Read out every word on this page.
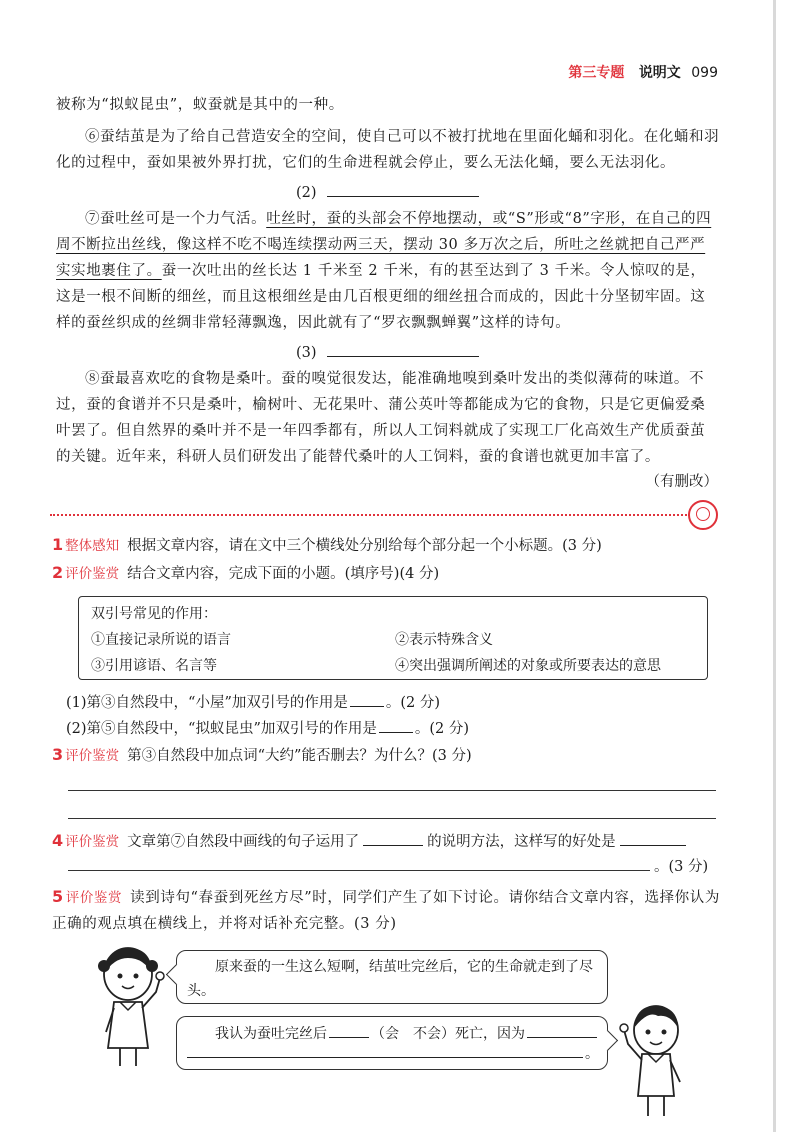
第三专题 说明文 099
被称为“拟蚁昆虫”，蚁蚕就是其中的一种。
⑥蚕结茧是为了给自己营造安全的空间，使自己可以不被打扰地在里面化蛹和羽化。在化蛹和羽化的过程中，蚕如果被外界打扰，它们的生命进程就会停止，要么无法化蛹，要么无法羽化。
(2)
⑦蚕吐丝可是一个力气活。吐丝时，蚕的头部会不停地摆动，或“S”形或“8”字形，在自己的四周不断拉出丝线，像这样不吃不喝连续摆动两三天，摆动 30 多万次之后，所吐之丝就把自己严严实实地裹住了。蚕一次吐出的丝长达 1 千米至 2 千米，有的甚至达到了 3 千米。令人惊叹的是，这是一根不间断的细丝，而且这根细丝是由几百根更细的细丝扭合而成的，因此十分坚韧牢固。这样的蚕丝织成的丝绸非常轻薄飘逸，因此就有了“罗衣飘飘蝉翼”这样的诗句。
(3)
⑧蚕最喜欢吃的食物是桑叶。蚕的嗅觉很发达，能准确地嗅到桑叶发出的类似薄荷的味道。不过，蚕的食谱并不只是桑叶，榆树叶、无花果叶、蒲公英叶等都能成为它的食物，只是它更偏爱桑叶罢了。但自然界的桑叶并不是一年四季都有，所以人工饲料就成了实现工厂化高效生产优质蚕茧的关键。近年来，科研人员们研发出了能替代桑叶的人工饲料，蚕的食谱也就更加丰富了。
（有删改）
1 整体感知 根据文章内容，请在文中三个横线处分别给每个部分起一个小标题。(3 分)
2 评价鉴赏 结合文章内容，完成下面的小题。(填序号)(4 分)
双引号常见的作用：
①直接记录所说的语言	②表示特殊含义
③引用谚语、名言等	④突出强调所阐述的对象或所要表达的意思
(1)第③自然段中，“小屋”加双引号的作用是	。(2 分)
(2)第⑤自然段中，“拟蚁昆虫”加双引号的作用是	。(2 分)
3 评价鉴赏 第③自然段中加点词“大约”能否删去？为什么？(3 分)
4 评价鉴赏 文章第⑦自然段中画线的句子运用了	的说明方法，这样写的好处是
。(3 分)
5 评价鉴赏 读到诗句“春蚕到死丝方尽”时，同学们产生了如下讨论。请你结合文章内容，选择你认为正确的观点填在横线上，并将对话补充完整。(3 分)
原来蚕的一生这么短啊，结茧吐完丝后，它的生命就走到了尽头。
我认为蚕吐完丝后	（会　不会）死亡，因为
。
